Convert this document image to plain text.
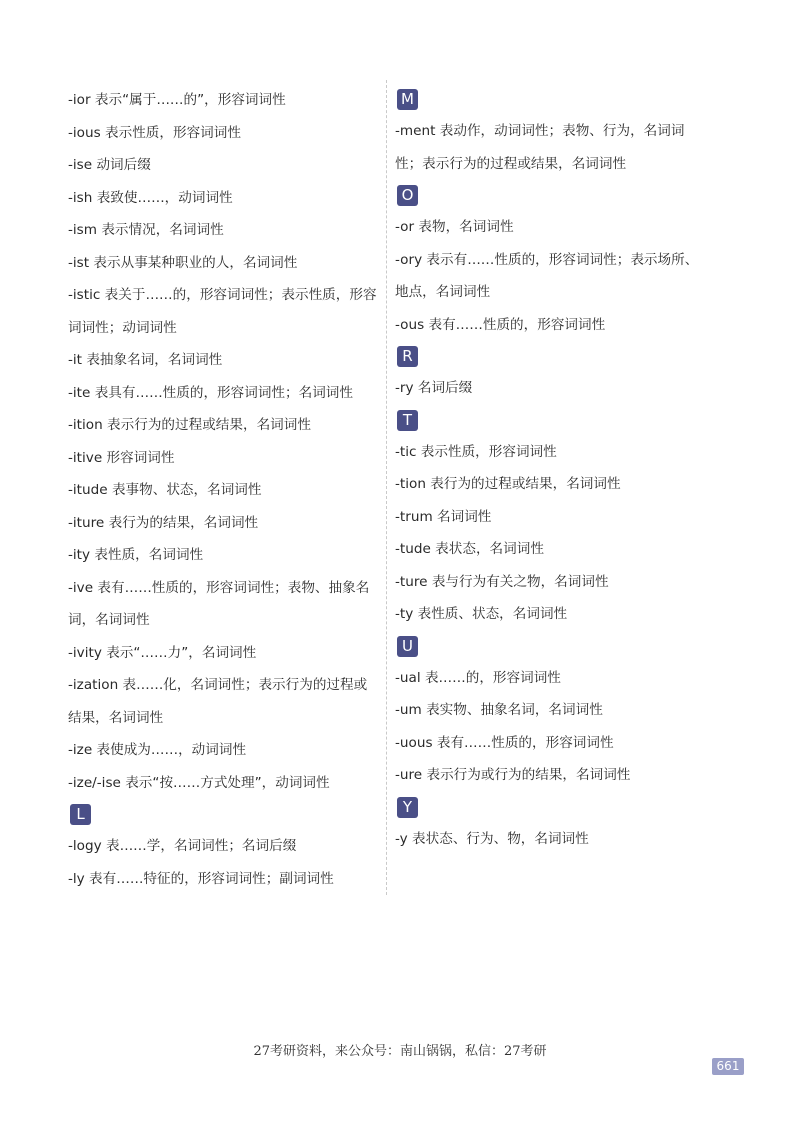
-ior 表示“属于……的”，形容词词性
-ious 表示性质，形容词词性
-ise 动词后缀
-ish 表致使……，动词词性
-ism 表示情况，名词词性
-ist 表示从事某种职业的人，名词词性
-istic 表关于……的，形容词词性；表示性质，形容词词性；动词词性
-it 表抽象名词，名词词性
-ite 表具有……性质的，形容词词性；名词词性
-ition 表示行为的过程或结果，名词词性
-itive 形容词词性
-itude 表事物、状态，名词词性
-iture 表行为的结果，名词词性
-ity 表性质，名词词性
-ive 表有……性质的，形容词词性；表物、抽象名词，名词词性
-ivity 表示“……力”，名词词性
-ization 表……化，名词词性；表示行为的过程或结果，名词词性
-ize 表使成为……，动词词性
-ize/-ise 表示“按……方式处理”，动词词性
L
-logy 表……学，名词词性；名词后缀
-ly 表有……特征的，形容词词性；副词词性
M
-ment 表动作，动词词性；表物、行为，名词词性；表示行为的过程或结果，名词词性
O
-or 表物，名词词性
-ory 表示有……性质的，形容词词性；表示场所、地点，名词词性
-ous 表有……性质的，形容词词性
R
-ry 名词后缀
T
-tic 表示性质，形容词词性
-tion 表行为的过程或结果，名词词性
-trum 名词词性
-tude 表状态，名词词性
-ture 表与行为有关之物，名词词性
-ty 表性质、状态，名词词性
U
-ual 表……的，形容词词性
-um 表实物、抽象名词，名词词性
-uous 表有……性质的，形容词词性
-ure 表示行为或行为的结果，名词词性
Y
-y 表状态、行为、物，名词词性
27考研资料，来公众号：南山锅锅，私信：27考研
661
